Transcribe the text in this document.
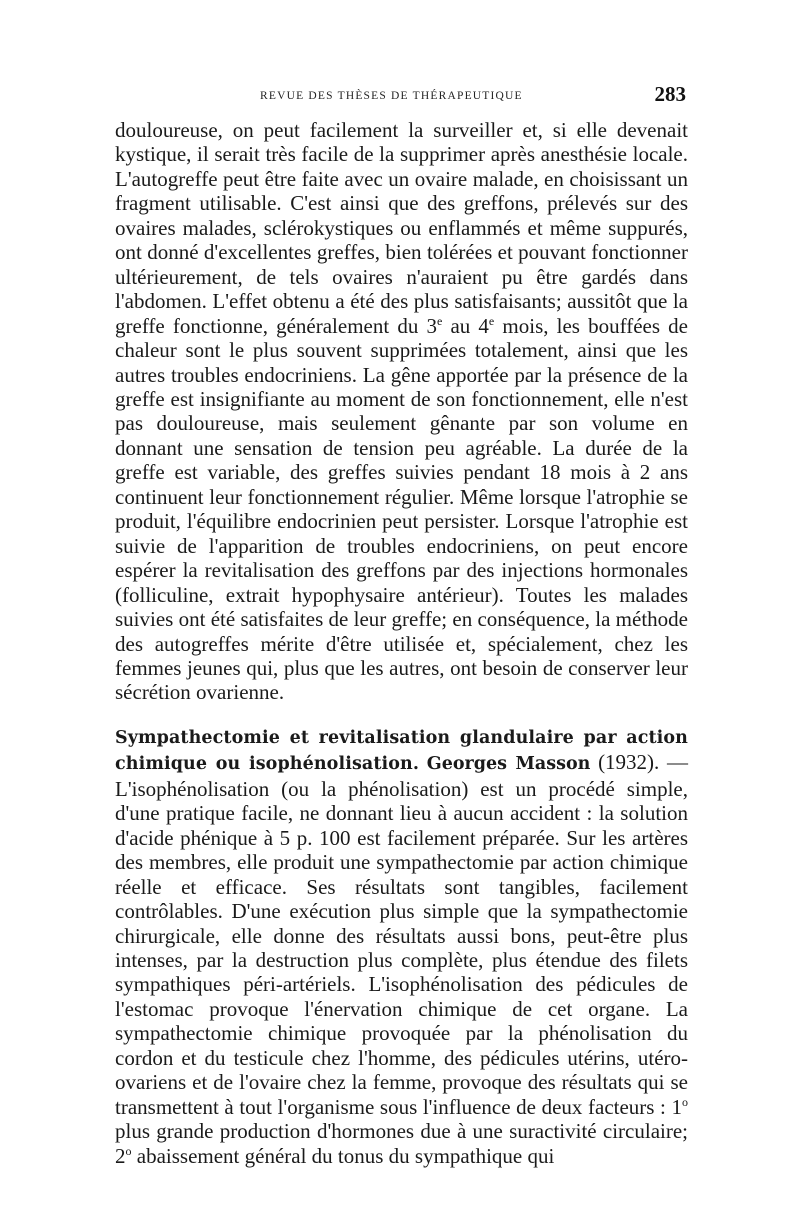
REVUE DES THÈSES DE THÉRAPEUTIQUE	283

douloureuse, on peut facilement la surveiller et, si elle devenait kystique, il serait très facile de la supprimer après anesthésie locale. L'autogreffe peut être faite avec un ovaire malade, en choisissant un fragment utilisable. C'est ainsi que des greffons, prélevés sur des ovaires malades, sclérokystiques ou enflammés et même suppurés, ont donné d'excellentes greffes, bien tolérées et pouvant fonctionner ultérieurement, de tels ovaires n'auraient pu être gardés dans l'abdomen. L'effet obtenu a été des plus satisfaisants; aussitôt que la greffe fonctionne, généralement du 3e au 4e mois, les bouffées de chaleur sont le plus souvent supprimées totalement, ainsi que les autres troubles endocriniens. La gêne apportée par la présence de la greffe est insignifiante au moment de son fonctionnement, elle n'est pas douloureuse, mais seulement gênante par son volume en donnant une sensation de tension peu agréable. La durée de la greffe est variable, des greffes suivies pendant 18 mois à 2 ans continuent leur fonctionnement régulier. Même lorsque l'atrophie se produit, l'équilibre endocrinien peut persister. Lorsque l'atrophie est suivie de l'apparition de troubles endocriniens, on peut encore espérer la revitalisation des greffons par des injections hormonales (folliculine, extrait hypophysaire antérieur). Toutes les malades suivies ont été satisfaites de leur greffe; en conséquence, la méthode des autogreffes mérite d'être utilisée et, spécialement, chez les femmes jeunes qui, plus que les autres, ont besoin de conserver leur sécrétion ovarienne.

Sympathectomie et revitalisation glandulaire par action chimique ou isophénolisation. Georges Masson (1932). — L'isophénolisation (ou la phénolisation) est un procédé simple, d'une pratique facile, ne donnant lieu à aucun accident : la solution d'acide phénique à 5 p. 100 est facilement préparée. Sur les artères des membres, elle produit une sympathectomie par action chimique réelle et efficace. Ses résultats sont tangibles, facilement contrôlables. D'une exécution plus simple que la sympathectomie chirurgicale, elle donne des résultats aussi bons, peut-être plus intenses, par la destruction plus complète, plus étendue des filets sympathiques péri-artériels. L'isophénolisation des pédicules de l'estomac provoque l'énervation chimique de cet organe. La sympathectomie chimique provoquée par la phénolisation du cordon et du testicule chez l'homme, des pédicules utérins, utéro-ovariens et de l'ovaire chez la femme, provoque des résultats qui se transmettent à tout l'organisme sous l'influence de deux facteurs : 1$^o$ plus grande production d'hormones due à une suractivité circulaire; 2$^o$ abaissement général du tonus du sympathique qui
